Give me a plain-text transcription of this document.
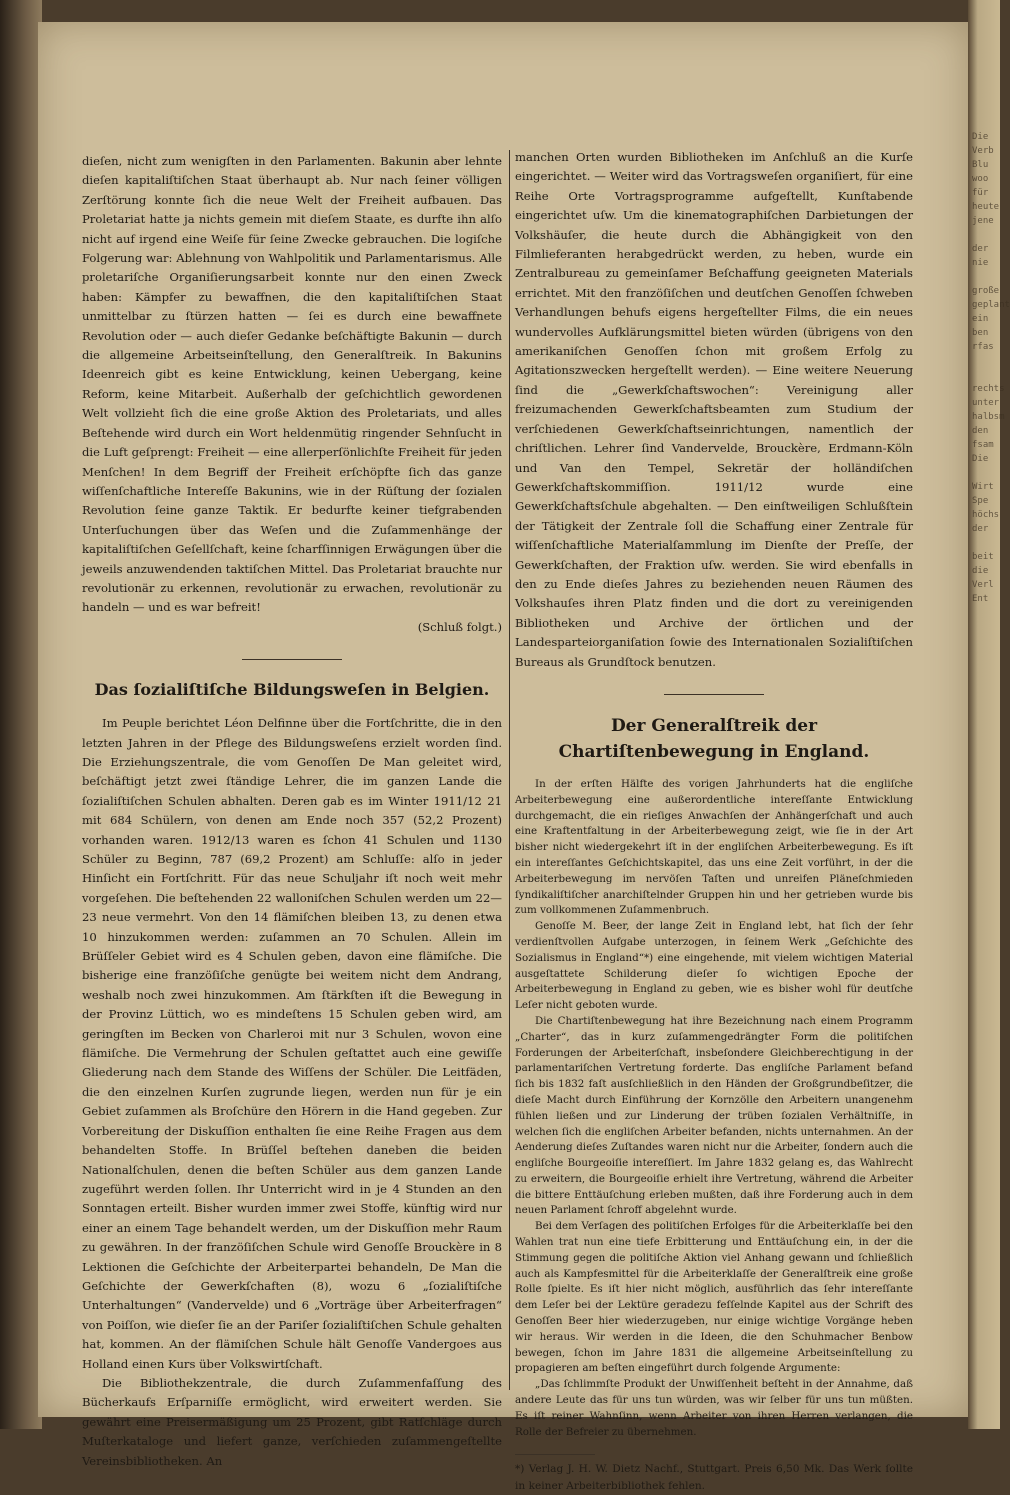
Die
Verb
Blu
woo
für
heute
jene

der
nie

große
geplant
ein
ben
rfas

rechts
unter
halbsm
den
fsam
Die

Wirt
Spe
höchs
der

beit
die
Verl
Ent

dieſen, nicht zum wenigſten in den Parlamenten. Bakunin aber lehnte dieſen kapitaliſtiſchen Staat überhaupt ab. Nur nach ſeiner völligen Zerſtörung konnte ſich die neue Welt der Freiheit aufbauen. Das Proletariat hatte ja nichts gemein mit dieſem Staate, es durfte ihn alſo nicht auf irgend eine Weiſe für ſeine Zwecke gebrauchen. Die logiſche Folgerung war: Ablehnung von Wahlpolitik und Parlamentarismus. Alle proletariſche Organiſierungsarbeit konnte nur den einen Zweck haben: Kämpfer zu bewaffnen, die den kapitaliſtiſchen Staat unmittelbar zu ſtürzen hatten — ſei es durch eine bewaffnete Revolution oder — auch dieſer Gedanke beſchäftigte Bakunin — durch die allgemeine Arbeitseinſtellung, den Generalſtreik. In Bakunins Ideenreich gibt es keine Entwicklung, keinen Uebergang, keine Reform, keine Mitarbeit. Außerhalb der geſchichtlich gewordenen Welt vollzieht ſich die eine große Aktion des Proletariats, und alles Beſtehende wird durch ein Wort heldenmütig ringender Sehnſucht in die Luft geſprengt: Freiheit — eine allerperſönlichſte Freiheit für jeden Menſchen! In dem Begriff der Freiheit erſchöpfte ſich das ganze wiſſenſchaftliche Intereſſe Bakunins, wie in der Rüſtung der ſozialen Revolution ſeine ganze Taktik. Er bedurfte keiner tiefgrabenden Unterſuchungen über das Weſen und die Zuſammenhänge der kapitaliſtiſchen Geſellſchaft, keine ſcharfſinnigen Erwägungen über die jeweils anzuwendenden taktiſchen Mittel. Das Proletariat brauchte nur revolutionär zu erkennen, revolutionär zu erwachen, revolutionär zu handeln — und es war befreit!

(Schluß folgt.)

Das ſozialiſtiſche Bildungsweſen in Belgien.

Im Peuple berichtet Léon Delfinne über die Fortſchritte, die in den letzten Jahren in der Pflege des Bildungsweſens erzielt worden ſind. Die Erziehungszentrale, die vom Genoſſen De Man geleitet wird, beſchäftigt jetzt zwei ſtändige Lehrer, die im ganzen Lande die ſozialiſtiſchen Schulen abhalten. Deren gab es im Winter 1911/12 21 mit 684 Schülern, von denen am Ende noch 357 (52,2 Prozent) vorhanden waren. 1912/13 waren es ſchon 41 Schulen und 1130 Schüler zu Beginn, 787 (69,2 Prozent) am Schluſſe: alſo in jeder Hinſicht ein Fortſchritt. Für das neue Schuljahr iſt noch weit mehr vorgeſehen. Die beſtehenden 22 walloniſchen Schulen werden um 22—23 neue vermehrt. Von den 14 flämiſchen bleiben 13, zu denen etwa 10 hinzukommen werden: zuſammen an 70 Schulen. Allein im Brüſſeler Gebiet wird es 4 Schulen geben, davon eine flämiſche. Die bisherige eine franzöſiſche genügte bei weitem nicht dem Andrang, weshalb noch zwei hinzukommen. Am ſtärkſten iſt die Bewegung in der Provinz Lüttich, wo es mindeſtens 15 Schulen geben wird, am geringſten im Becken von Charleroi mit nur 3 Schulen, wovon eine flämiſche. Die Vermehrung der Schulen geſtattet auch eine gewiſſe Gliederung nach dem Stande des Wiſſens der Schüler. Die Leitfäden, die den einzelnen Kurſen zugrunde liegen, werden nun für je ein Gebiet zuſammen als Broſchüre den Hörern in die Hand gegeben. Zur Vorbereitung der Diskuſſion enthalten ſie eine Reihe Fragen aus dem behandelten Stoffe. In Brüſſel beſtehen daneben die beiden Nationalſchulen, denen die beſten Schüler aus dem ganzen Lande zugeführt werden ſollen. Ihr Unterricht wird in je 4 Stunden an den Sonntagen erteilt. Bisher wurden immer zwei Stoffe, künftig wird nur einer an einem Tage behandelt werden, um der Diskuſſion mehr Raum zu gewähren. In der franzöſiſchen Schule wird Genoſſe Brouckère in 8 Lektionen die Geſchichte der Arbeiterpartei behandeln, De Man die Geſchichte der Gewerkſchaften (8), wozu 6 „ſozialiſtiſche Unterhaltungen“ (Vandervelde) und 6 „Vorträge über Arbeiterfragen“ von Poiſſon, wie dieſer ſie an der Pariſer ſozialiſtiſchen Schule gehalten hat, kommen. An der flämiſchen Schule hält Genoſſe Vandergoes aus Holland einen Kurs über Volkswirtſchaft.

Die Bibliothekzentrale, die durch Zuſammenfaſſung des Bücherkaufs Erſparniſſe ermöglicht, wird erweitert werden. Sie gewährt eine Preisermäßigung um 25 Prozent, gibt Ratſchläge durch Muſterkataloge und liefert ganze, verſchieden zuſammengeſtellte Vereinsbibliotheken. An

manchen Orten wurden Bibliotheken im Anſchluß an die Kurſe eingerichtet. — Weiter wird das Vortragsweſen organiſiert, für eine Reihe Orte Vortragsprogramme aufgeſtellt, Kunſtabende eingerichtet uſw. Um die kinematographiſchen Darbietungen der Volkshäuſer, die heute durch die Abhängigkeit von den Filmlieferanten herabgedrückt werden, zu heben, wurde ein Zentralbureau zu gemeinſamer Beſchaffung geeigneten Materials errichtet. Mit den franzöſiſchen und deutſchen Genoſſen ſchweben Verhandlungen behufs eigens hergeſtellter Films, die ein neues wundervolles Aufklärungsmittel bieten würden (übrigens von den amerikaniſchen Genoſſen ſchon mit großem Erfolg zu Agitationszwecken hergeſtellt werden). — Eine weitere Neuerung ſind die „Gewerkſchaftswochen“: Vereinigung aller freizumachenden Gewerkſchaftsbeamten zum Studium der verſchiedenen Gewerkſchaftseinrichtungen, namentlich der chriſtlichen. Lehrer ſind Vandervelde, Brouckère, Erdmann-Köln und Van den Tempel, Sekretär der holländiſchen Gewerkſchaftskommiſſion. 1911/12 wurde eine Gewerkſchaftsſchule abgehalten. — Den einſtweiligen Schlußſtein der Tätigkeit der Zentrale ſoll die Schaffung einer Zentrale für wiſſenſchaftliche Materialſammlung im Dienſte der Preſſe, der Gewerkſchaften, der Fraktion uſw. werden. Sie wird ebenfalls in den zu Ende dieſes Jahres zu beziehenden neuen Räumen des Volkshauſes ihren Platz finden und die dort zu vereinigenden Bibliotheken und Archive der örtlichen und der Landesparteiorganiſation ſowie des Internationalen Sozialiſtiſchen Bureaus als Grundſtock benutzen.

Der Generalſtreik der Chartiſtenbewegung in England.

In der erſten Hälfte des vorigen Jahrhunderts hat die engliſche Arbeiterbewegung eine außerordentliche intereſſante Entwicklung durchgemacht, die ein rieſiges Anwachſen der Anhängerſchaft und auch eine Kraftentfaltung in der Arbeiterbewegung zeigt, wie ſie in der Art bisher nicht wiedergekehrt iſt in der engliſchen Arbeiterbewegung. Es iſt ein intereſſantes Geſchichtskapitel, das uns eine Zeit vorführt, in der die Arbeiterbewegung im nervöſen Taſten und unreifen Pläneſchmieden ſyndikaliſtiſcher anarchiſtelnder Gruppen hin und her getrieben wurde bis zum vollkommenen Zuſammenbruch.

Genoſſe M. Beer, der lange Zeit in England lebt, hat ſich der ſehr verdienſtvollen Aufgabe unterzogen, in ſeinem Werk „Geſchichte des Sozialismus in England“*) eine eingehende, mit vielem wichtigen Material ausgeſtattete Schilderung dieſer ſo wichtigen Epoche der Arbeiterbewegung in England zu geben, wie es bisher wohl für deutſche Leſer nicht geboten wurde.

Die Chartiſtenbewegung hat ihre Bezeichnung nach einem Programm „Charter“, das in kurz zuſammengedrängter Form die politiſchen Forderungen der Arbeiterſchaft, insbeſondere Gleichberechtigung in der parlamentariſchen Vertretung forderte. Das engliſche Parlament befand ſich bis 1832 faſt ausſchließlich in den Händen der Großgrundbeſitzer, die dieſe Macht durch Einführung der Kornzölle den Arbeitern unangenehm fühlen ließen und zur Linderung der trüben ſozialen Verhältniſſe, in welchen ſich die engliſchen Arbeiter befanden, nichts unternahmen. An der Aenderung dieſes Zuſtandes waren nicht nur die Arbeiter, ſondern auch die engliſche Bourgeoiſie intereſſiert. Im Jahre 1832 gelang es, das Wahlrecht zu erweitern, die Bourgeoiſie erhielt ihre Vertretung, während die Arbeiter die bittere Enttäuſchung erleben mußten, daß ihre Forderung auch in dem neuen Parlament ſchroff abgelehnt wurde.

Bei dem Verſagen des politiſchen Erfolges für die Arbeiterklaſſe bei den Wahlen trat nun eine tiefe Erbitterung und Enttäuſchung ein, in der die Stimmung gegen die politiſche Aktion viel Anhang gewann und ſchließlich auch als Kampfesmittel für die Arbeiterklaſſe der Generalſtreik eine große Rolle ſpielte. Es iſt hier nicht möglich, ausführlich das ſehr intereſſante dem Leſer bei der Lektüre geradezu feſſelnde Kapitel aus der Schrift des Genoſſen Beer hier wiederzugeben, nur einige wichtige Vorgänge heben wir heraus. Wir werden in die Ideen, die den Schuhmacher Benbow bewegen, ſchon im Jahre 1831 die allgemeine Arbeitseinſtellung zu propagieren am beſten eingeführt durch folgende Argumente:

„Das ſchlimmſte Produkt der Unwiſſenheit beſteht in der Annahme, daß andere Leute das für uns tun würden, was wir ſelber für uns tun müßten. Es iſt reiner Wahnſinn, wenn Arbeiter von ihren Herren verlangen, die Rolle der Befreier zu übernehmen.

*) Verlag J. H. W. Dietz Nachf., Stuttgart. Preis 6,50 Mk. Das Werk ſollte in keiner Arbeiterbibliothek fehlen.
